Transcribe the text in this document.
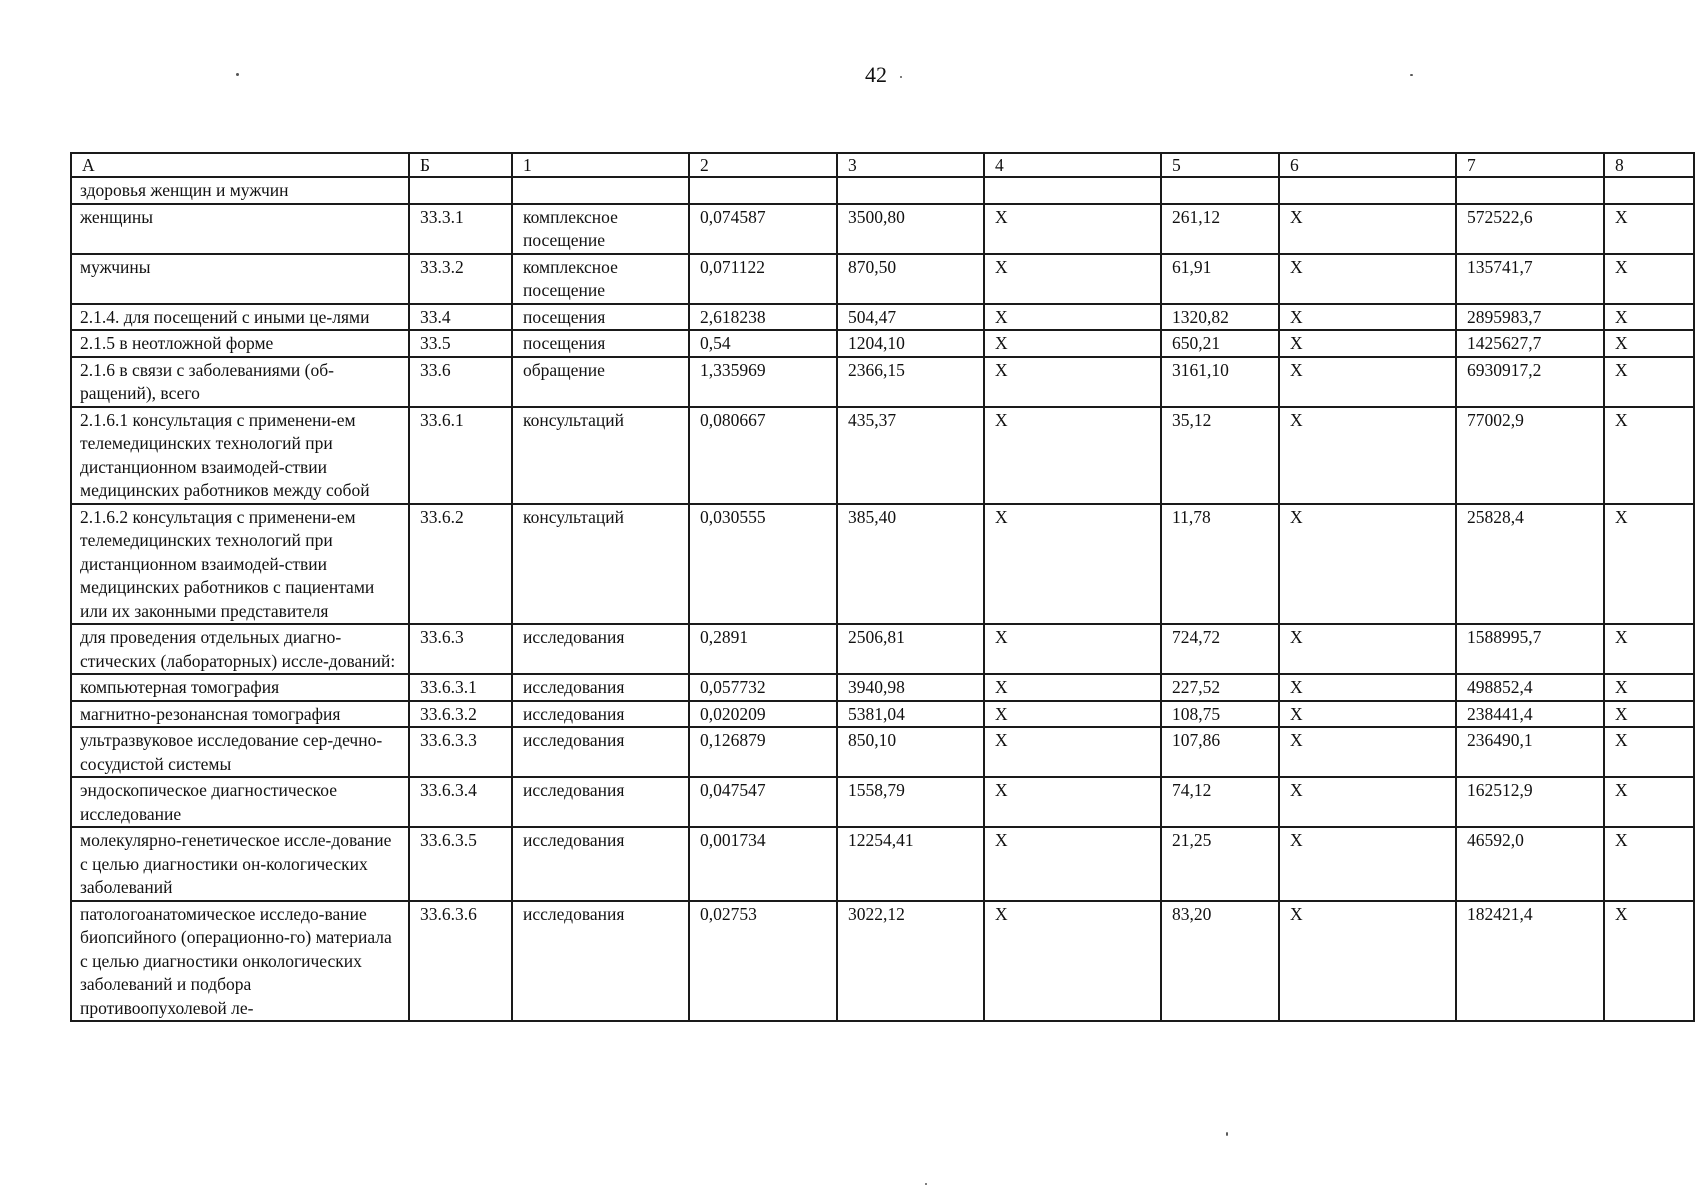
42
А	Б	1	2	3	4	5	6	7	8
здоровья женщин и мужчин									
женщины	33.3.1	комплексное посещение	0,074587	3500,80	X	261,12	X	572522,6	X
мужчины	33.3.2	комплексное посещение	0,071122	870,50	X	61,91	X	135741,7	X
2.1.4. для посещений с иными це-лями	33.4	посещения	2,618238	504,47	X	1320,82	X	2895983,7	X
2.1.5 в неотложной форме	33.5	посещения	0,54	1204,10	X	650,21	X	1425627,7	X
2.1.6 в связи с заболеваниями (об-ращений), всего	33.6	обращение	1,335969	2366,15	X	3161,10	X	6930917,2	X
2.1.6.1 консультация с применени-ем телемедицинских технологий при дистанционном взаимодей-ствии медицинских работников между собой	33.6.1	консультаций	0,080667	435,37	X	35,12	X	77002,9	X
2.1.6.2 консультация с применени-ем телемедицинских технологий при дистанционном взаимодей-ствии медицинских работников с пациентами или их законными представителя	33.6.2	консультаций	0,030555	385,40	X	11,78	X	25828,4	X
для проведения отдельных диагно-стических (лабораторных) иссле-дований:	33.6.3	исследования	0,2891	2506,81	X	724,72	X	1588995,7	X
компьютерная томография	33.6.3.1	исследования	0,057732	3940,98	X	227,52	X	498852,4	X
магнитно-резонансная томография	33.6.3.2	исследования	0,020209	5381,04	X	108,75	X	238441,4	X
ультразвуковое исследование сер-дечно-сосудистой системы	33.6.3.3	исследования	0,126879	850,10	X	107,86	X	236490,1	X
эндоскопическое диагностическое исследование	33.6.3.4	исследования	0,047547	1558,79	X	74,12	X	162512,9	X
молекулярно-генетическое иссле-дование с целью диагностики он-кологических заболеваний	33.6.3.5	исследования	0,001734	12254,41	X	21,25	X	46592,0	X
патологоанатомическое исследо-вание биопсийного (операционно-го) материала с целью диагностики онкологических заболеваний и подбора противоопухолевой ле-	33.6.3.6	исследования	0,02753	3022,12	X	83,20	X	182421,4	X
